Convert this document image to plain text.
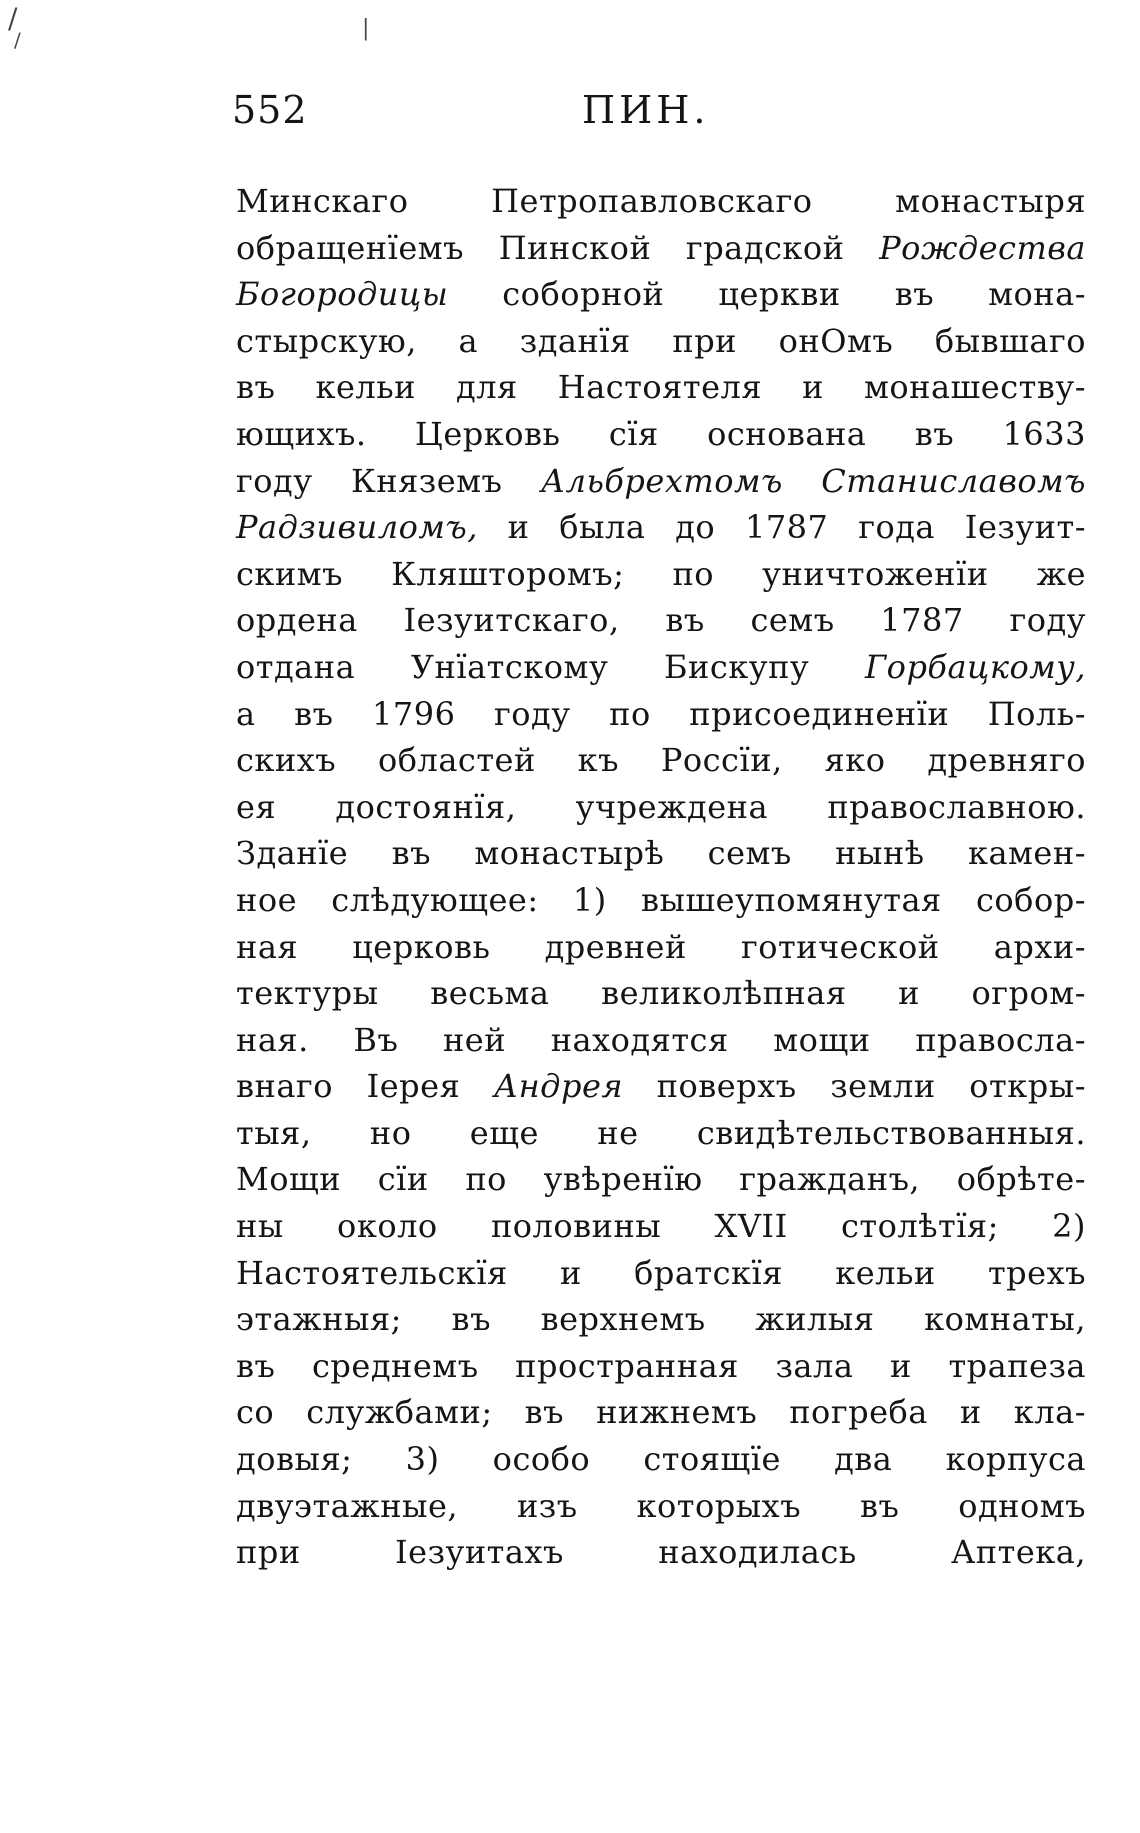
/
/	|
552	ПИН.
Минскаго Петропавловскаго монастыря
обращенїемъ Пинской градской Рождества
Богородицы соборной церкви въ мона-
стырскую, а зданїя при онОмъ бывшаго
въ кельи для Настоятеля и монашеству-
ющихъ. Церковь сїя основана въ 1633
году Княземъ Альбрехтомъ Станиславомъ
Радзивиломъ, и была до 1787 года Iезуит-
скимъ Кляшторомъ; по уничтоженїи же
ордена Iезуитскаго, въ семъ 1787 году
отдана Унїатскому Бискупу Горбацкому,
а въ 1796 году по присоединенїи Поль-
скихъ областей къ Россїи, яко древняго
ея достоянїя, учреждена православною.
Зданїе въ монастырѣ семъ нынѣ камен-
ное слѣдующее: 1) вышеупомянутая собор-
ная церковь древней готической архи-
тектуры весьма великолѣпная и огром-
ная. Въ ней находятся мощи правосла-
внаго Iерея Андрея поверхъ земли откры-
тыя, но еще не свидѣтельствованныя.
Мощи сїи по увѣренїю гражданъ, обрѣте-
ны около половины XVII столѣтїя; 2)
Настоятельскїя и братскїя кельи трехъ
этажныя; въ верхнемъ жилыя комнаты,
въ среднемъ пространная зала и трапеза
со службами; въ нижнемъ погреба и кла-
довыя; 3) особо стоящїе два корпуса
двуэтажные, изъ которыхъ въ одномъ
при Iезуитахъ находилась Аптека,
